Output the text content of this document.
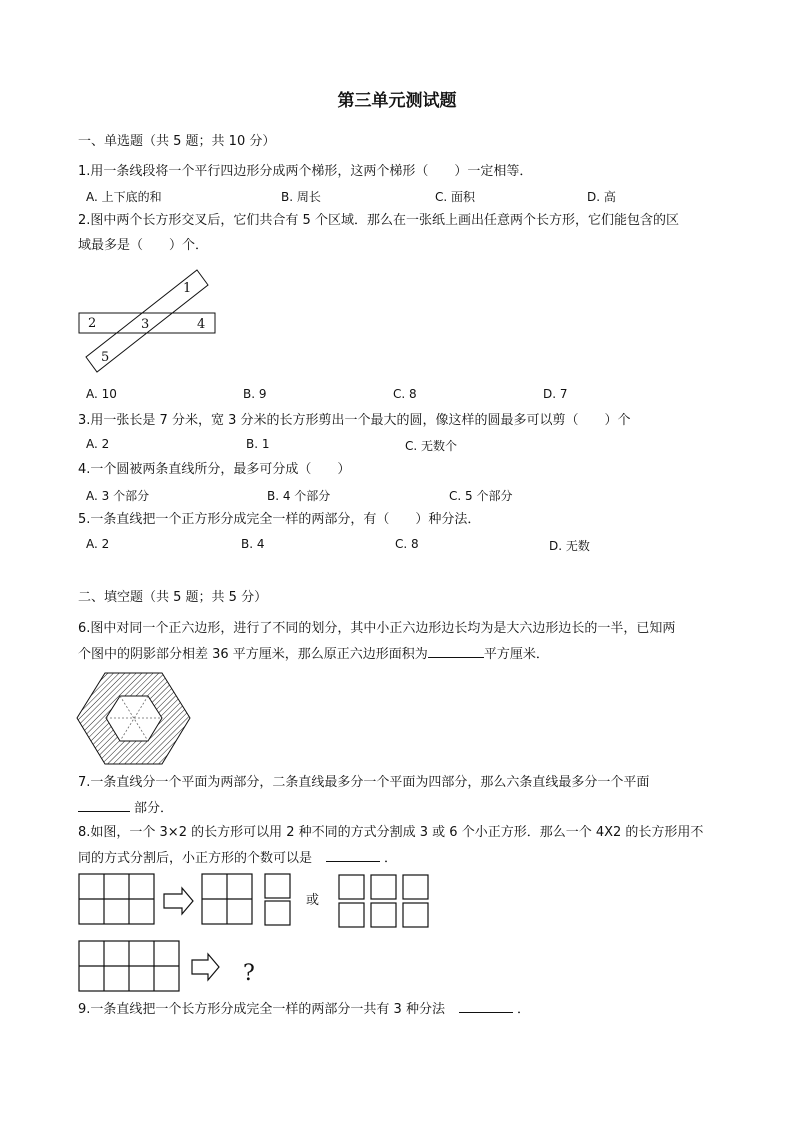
第三单元测试题
一、单选题（共 5 题；共 10 分）
1.用一条线段将一个平行四边形分成两个梯形，这两个梯形（　　）一定相等．
A. 上下底的和	B. 周长	C. 面积	D. 高
2.图中两个长方形交叉后，它们共合有 5 个区域．那么在一张纸上画出任意两个长方形，它们能包含的区
域最多是（　　）个．
1
2	3	4
5
A. 10	B. 9	C. 8	D. 7
3.用一张长是 7 分米，宽 3 分米的长方形剪出一个最大的圆，像这样的圆最多可以剪（　　）个
A. 2	B. 1	C. 无数个
4.一个圆被两条直线所分，最多可分成（　　）
A. 3 个部分	B. 4 个部分	C. 5 个部分
5.一条直线把一个正方形分成完全一样的两部分，有（　　）种分法．
A. 2	B. 4	C. 8	D. 无数
二、填空题（共 5 题；共 5 分）
6.图中对同一个正六边形，进行了不同的划分，其中小正六边形边长均为是大六边形边长的一半，已知两
个图中的阴影部分相差 36 平方厘米，那么原正六边形面积为	平方厘米．
7.一条直线分一个平面为两部分，二条直线最多分一个平面为四部分，那么六条直线最多分一个平面
部分．
8.如图，一个 3×2 的长方形可以用 2 种不同的方式分割成 3 或 6 个小正方形．那么一个 4X2 的长方形用不
同的方式分割后，小正方形的个数可以是	．
或
?
9.一条直线把一个长方形分成完全一样的两部分一共有 3 种分法	．
